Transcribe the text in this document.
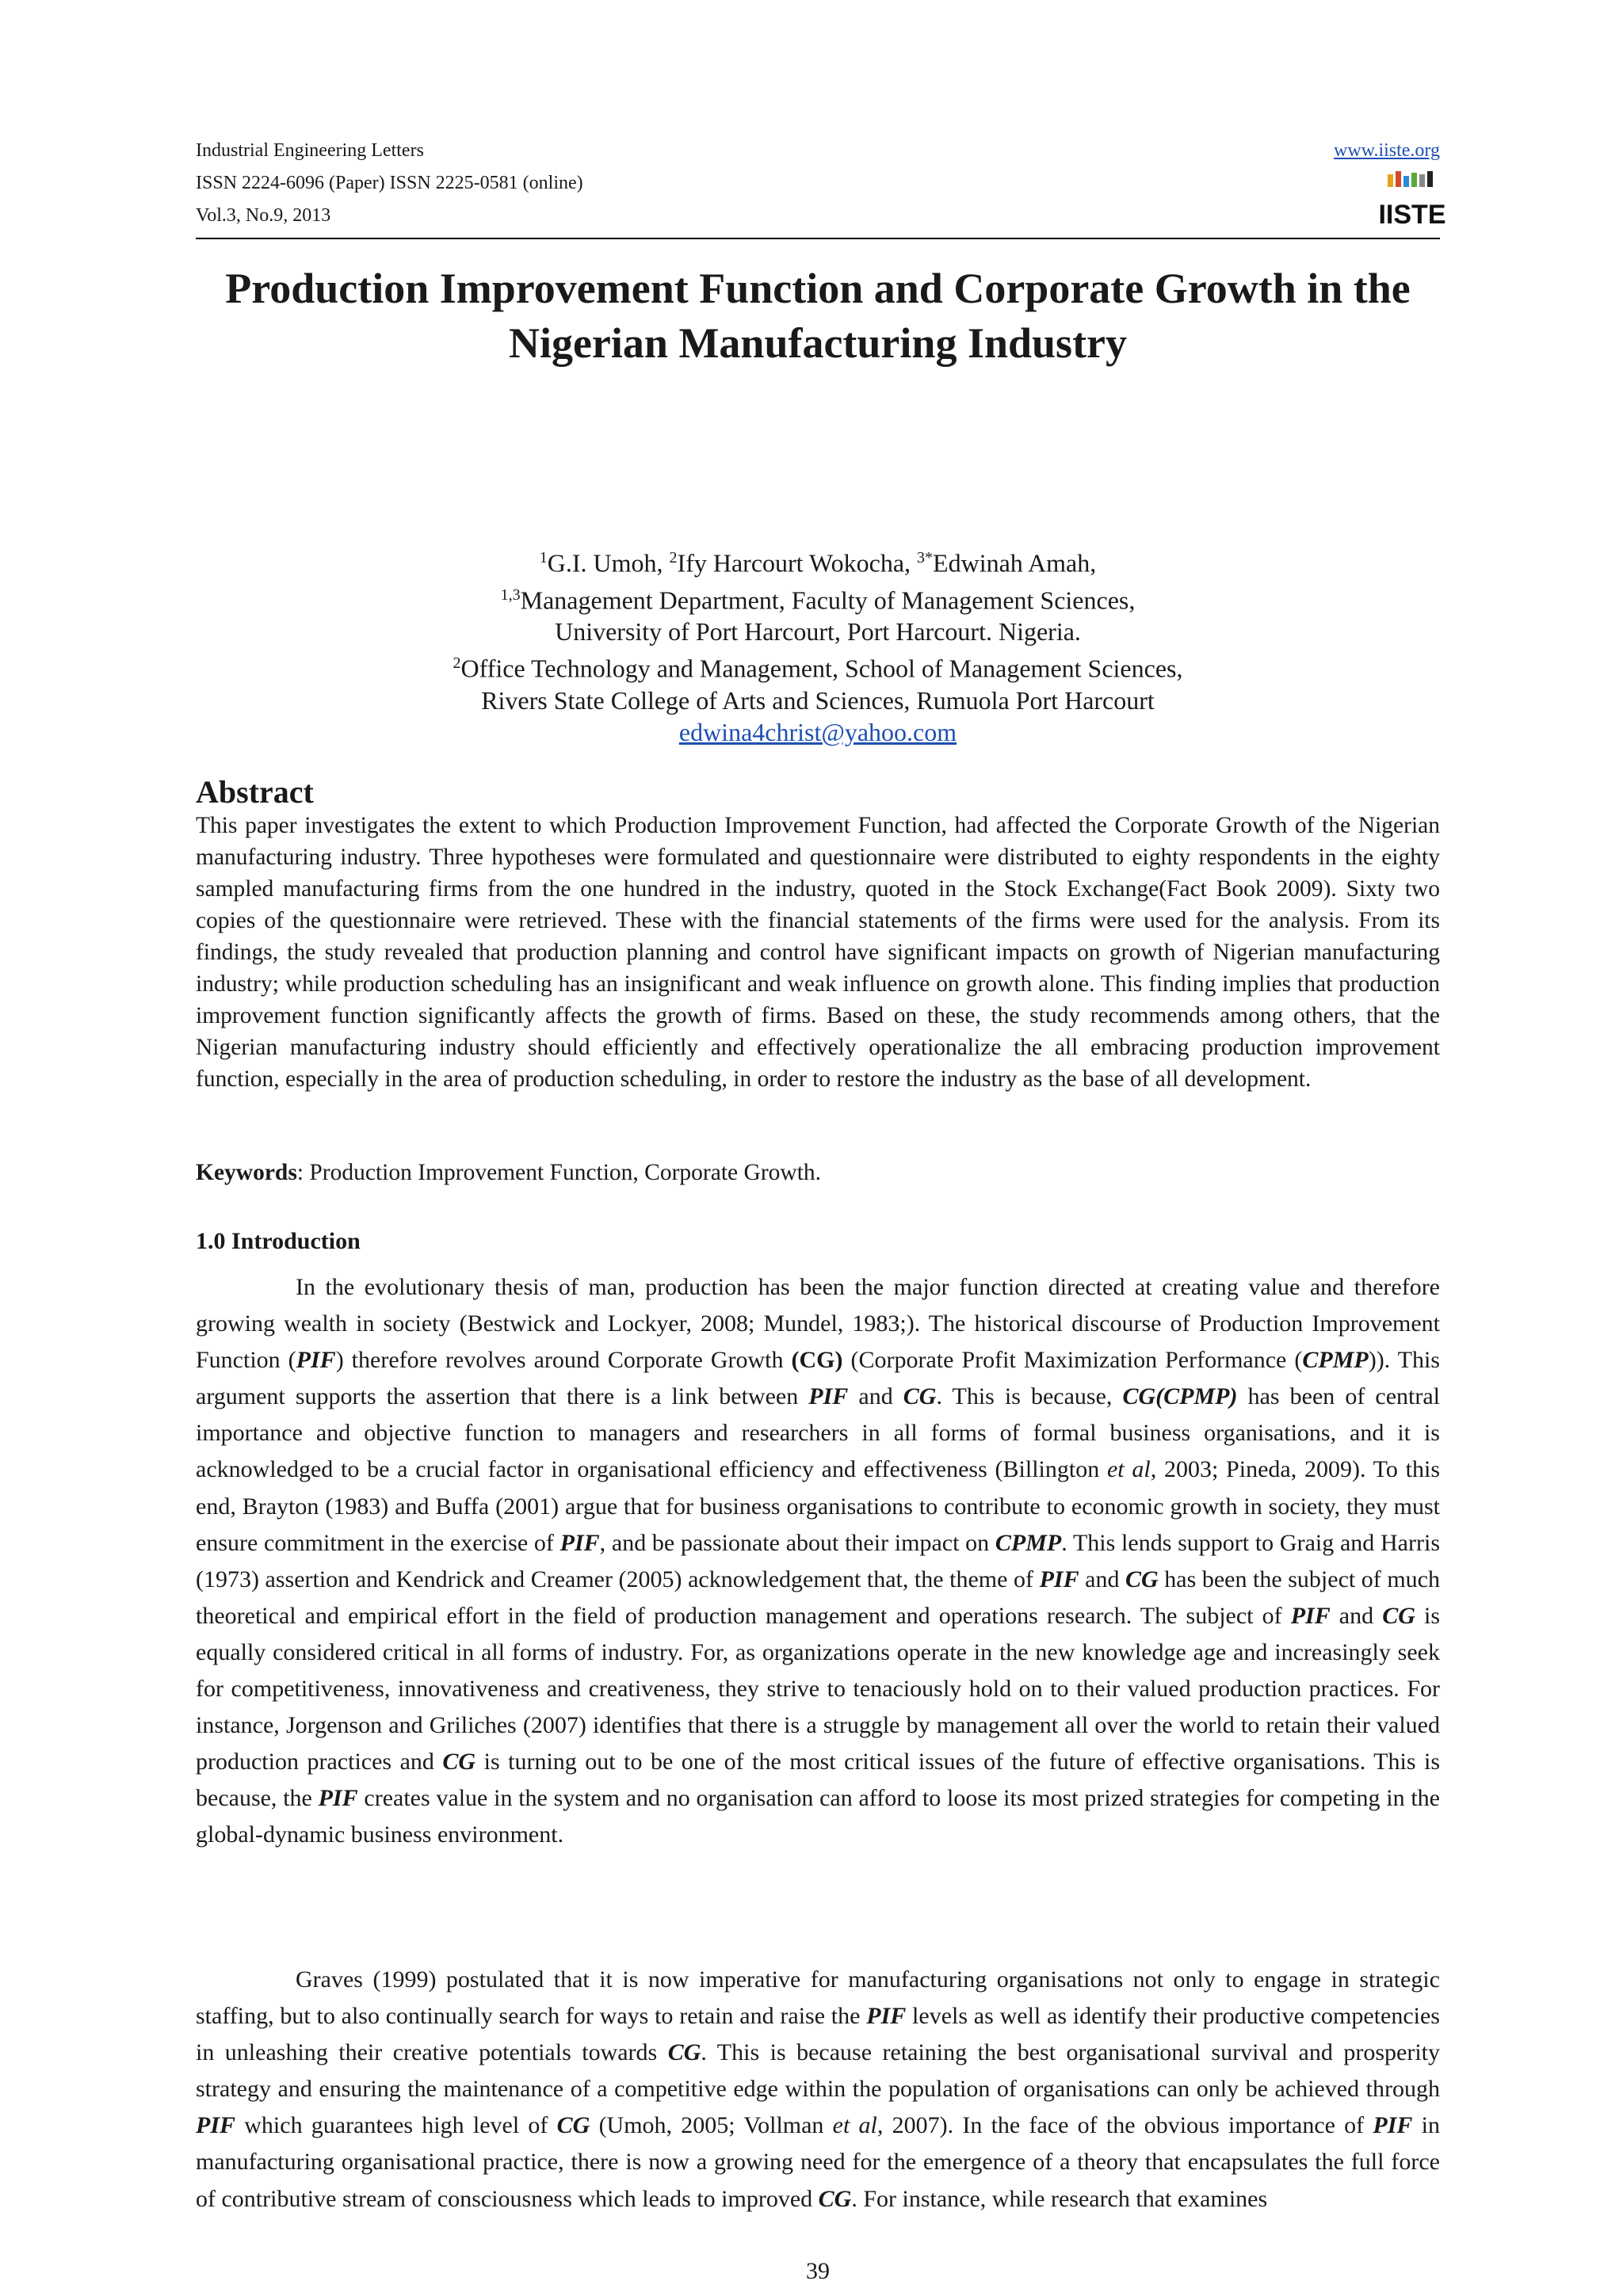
Industrial Engineering Letters
ISSN 2224-6096 (Paper) ISSN 2225-0581 (online)
Vol.3, No.9, 2013
www.iiste.org
IISTE
Production Improvement Function and Corporate Growth in the
Nigerian Manufacturing Industry
$^1$G.I. Umoh, $^2$Ify Harcourt Wokocha, $^{3*}$Edwinah Amah,
$^{1,3}$Management Department, Faculty of Management Sciences,
University of Port Harcourt, Port Harcourt. Nigeria.
$^2$Office Technology and Management, School of Management Sciences,
Rivers State College of Arts and Sciences, Rumuola Port Harcourt
edwina4christ@yahoo.com
Abstract
This paper investigates the extent to which Production Improvement Function, had affected the Corporate Growth of the Nigerian manufacturing industry. Three hypotheses were formulated and questionnaire were distributed to eighty respondents in the eighty sampled manufacturing firms from the one hundred in the industry, quoted in the Stock Exchange(Fact Book 2009). Sixty two copies of the questionnaire were retrieved. These with the financial statements of the firms were used for the analysis. From its findings, the study revealed that production planning and control have significant impacts on growth of Nigerian manufacturing industry; while production scheduling has an insignificant and weak influence on growth alone. This finding implies that production improvement function significantly affects the growth of firms. Based on these, the study recommends among others, that the Nigerian manufacturing industry should efficiently and effectively operationalize the all embracing production improvement function, especially in the area of production scheduling, in order to restore the industry as the base of all development.
Keywords: Production Improvement Function, Corporate Growth.
1.0 Introduction
In the evolutionary thesis of man, production has been the major function directed at creating value and therefore growing wealth in society (Bestwick and Lockyer, 2008; Mundel, 1983;). The historical discourse of Production Improvement Function (PIF) therefore revolves around Corporate Growth (CG) (Corporate Profit Maximization Performance (CPMP)). This argument supports the assertion that there is a link between PIF and CG. This is because, CG(CPMP) has been of central importance and objective function to managers and researchers in all forms of formal business organisations, and it is acknowledged to be a crucial factor in organisational efficiency and effectiveness (Billington et al, 2003; Pineda, 2009). To this end, Brayton (1983) and Buffa (2001) argue that for business organisations to contribute to economic growth in society, they must ensure commitment in the exercise of PIF, and be passionate about their impact on CPMP. This lends support to Graig and Harris (1973) assertion and Kendrick and Creamer (2005) acknowledgement that, the theme of PIF and CG has been the subject of much theoretical and empirical effort in the field of production management and operations research. The subject of PIF and CG is equally considered critical in all forms of industry. For, as organizations operate in the new knowledge age and increasingly seek for competitiveness, innovativeness and creativeness, they strive to tenaciously hold on to their valued production practices. For instance, Jorgenson and Griliches (2007) identifies that there is a struggle by management all over the world to retain their valued production practices and CG is turning out to be one of the most critical issues of the future of effective organisations. This is because, the PIF creates value in the system and no organisation can afford to loose its most prized strategies for competing in the global-dynamic business environment.
Graves (1999) postulated that it is now imperative for manufacturing organisations not only to engage in strategic staffing, but to also continually search for ways to retain and raise the PIF levels as well as identify their productive competencies in unleashing their creative potentials towards CG. This is because retaining the best organisational survival and prosperity strategy and ensuring the maintenance of a competitive edge within the population of organisations can only be achieved through PIF which guarantees high level of CG (Umoh, 2005; Vollman et al, 2007). In the face of the obvious importance of PIF in manufacturing organisational practice, there is now a growing need for the emergence of a theory that encapsulates the full force of contributive stream of consciousness which leads to improved CG. For instance, while research that examines
39
